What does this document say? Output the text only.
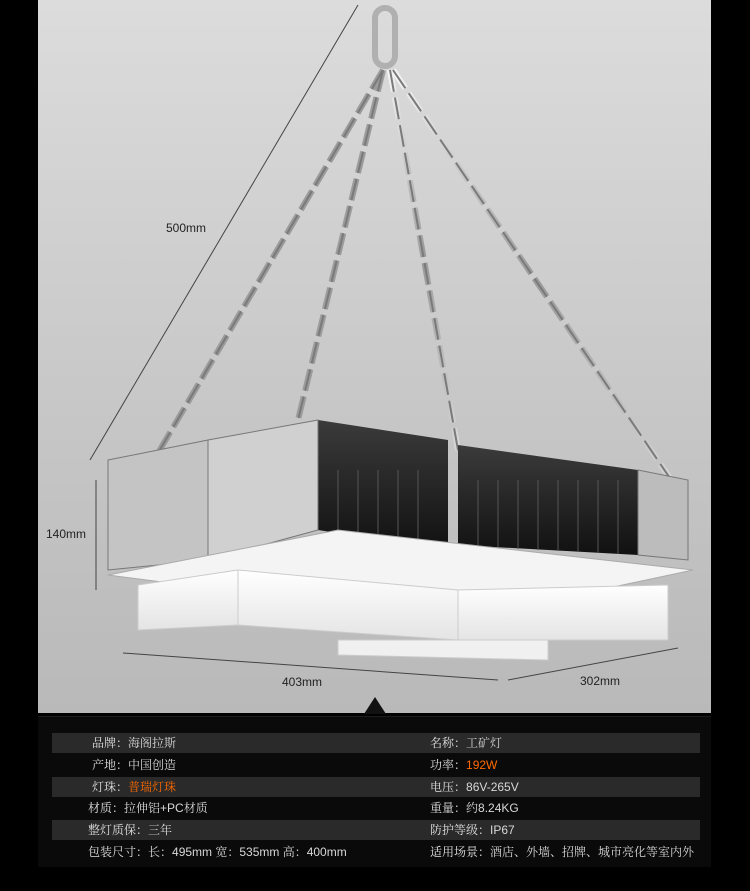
500mm
140mm
403mm	302mm
品牌：海阁拉斯	名称：工矿灯
产地：中国创造	功率：192W
灯珠：普瑞灯珠	电压：86V-265V
材质：拉伸铝+PC材质	重量：约8.24KG
整灯质保：三年	防护等级：IP67
包装尺寸：长：495mm 宽：535mm 高：400mm	适用场景：酒店、外墙、招牌、城市亮化等室内外
